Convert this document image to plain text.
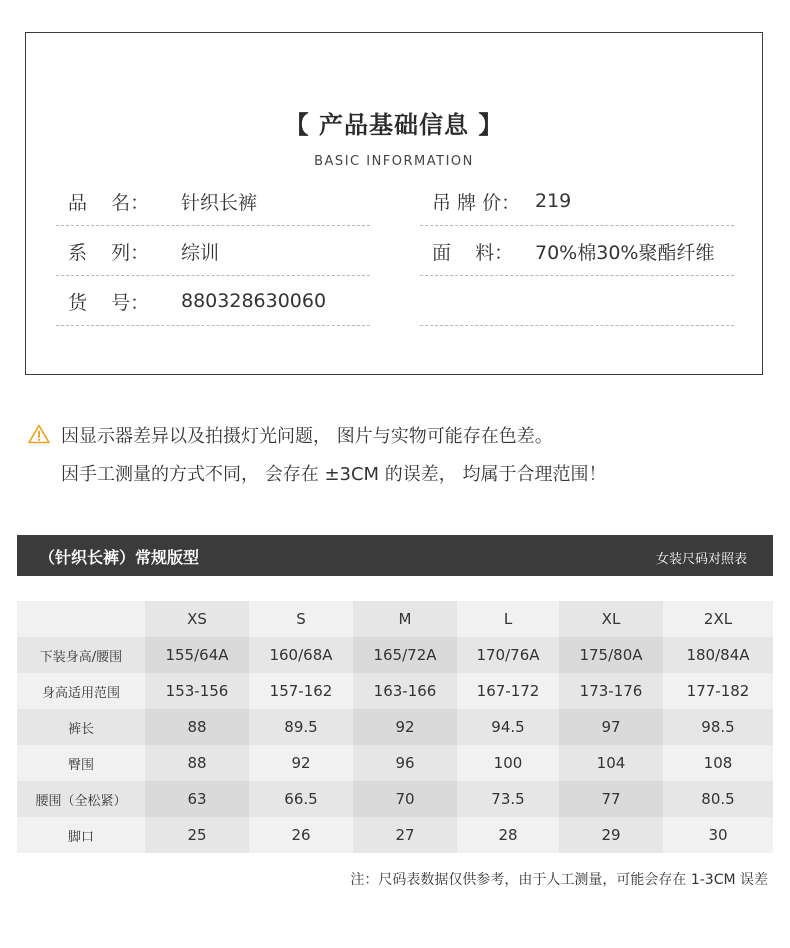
【 产品基础信息 】
BASIC INFORMATION
品    名：	针织长裤
系    列：	综训
货    号：	880328630060
吊 牌 价： 219
面    料：	70%棉30%聚酯纤维
因显示器差异以及拍摄灯光问题， 图片与实物可能存在色差。
因手工测量的方式不同， 会存在 ±3CM 的误差， 均属于合理范围！
（针织长裤）常规版型	女装尺码对照表
	XS	S	M	L	XL	2XL
下装身高/腰围	155/64A	160/68A	165/72A	170/76A	175/80A	180/84A
身高适用范围	153-156	157-162	163-166	167-172	173-176	177-182
裤长	88	89.5	92	94.5	97	98.5
臀围	88	92	96	100	104	108
腰围（全松紧）	63	66.5	70	73.5	77	80.5
脚口	25	26	27	28	29	30
注：尺码表数据仅供参考，由于人工测量，可能会存在 1-3CM 误差
